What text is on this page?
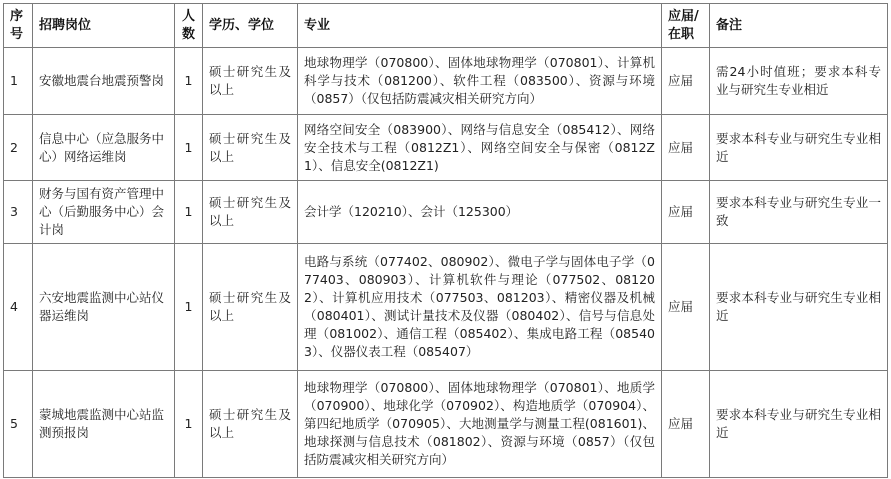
序号	招聘岗位	人数	学历、学位	专业	应届/在职	备注
1	安徽地震台地震预警岗	1	硕士研究生及以上	地球物理学（070800）、固体地球物理学（070801）、计算机科学与技术（081200）、软件工程（083500）、资源与环境（0857）（仅包括防震减灾相关研究方向）	应届	需24小时值班；要求本科专业与研究生专业相近
2	信息中心（应急服务中心）网络运维岗	1	硕士研究生及以上	网络空间安全（083900）、网络与信息安全（085412）、网络安全技术与工程（0812Z1）、网络空间安全与保密（0812Z1）、信息安全(0812Z1)	应届	要求本科专业与研究生专业相近
3	财务与国有资产管理中心（后勤服务中心）会计岗	1	硕士研究生及以上	会计学（120210）、会计（125300）	应届	要求本科专业与研究生专业一致
4	六安地震监测中心站仪器运维岗	1	硕士研究生及以上	电路与系统（077402、080902）、微电子学与固体电子学（077403、080903）、计算机软件与理论（077502、081202）、计算机应用技术（077503、081203）、精密仪器及机械（080401）、测试计量技术及仪器（080402）、信号与信息处理（081002）、通信工程（085402）、集成电路工程（085403）、仪器仪表工程（085407）	应届	要求本科专业与研究生专业相近
5	蒙城地震监测中心站监测预报岗	1	硕士研究生及以上	地球物理学（070800）、固体地球物理学（070801）、地质学（070900）、地球化学（070902）、构造地质学（070904）、第四纪地质学（070905）、大地测量学与测量工程(081601)、地球探测与信息技术（081802）、资源与环境（0857）（仅包括防震减灾相关研究方向）	应届	要求本科专业与研究生专业相近
